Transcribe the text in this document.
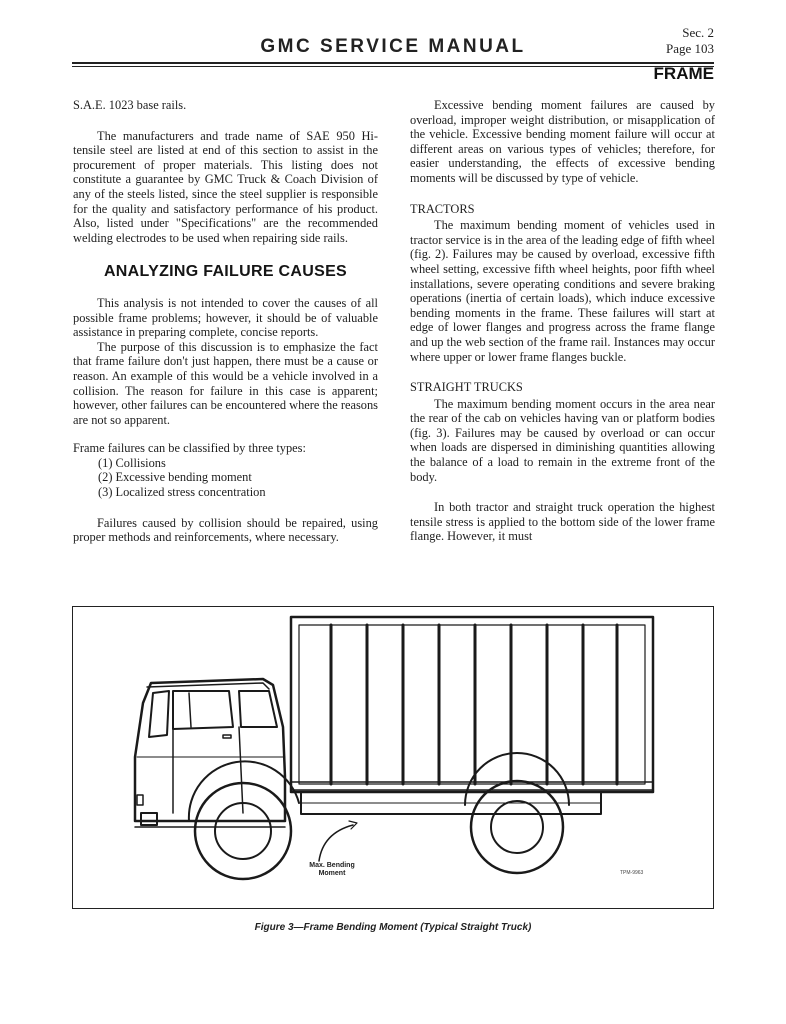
GMC SERVICE MANUAL
Sec. 2
Page 103
FRAME

S.A.E. 1023 base rails.

The manufacturers and trade name of SAE 950 Hi-tensile steel are listed at end of this section to assist in the procurement of proper materials. This listing does not constitute a guarantee by GMC Truck & Coach Division of any of the steels listed, since the steel supplier is responsible for the quality and satisfactory performance of his product. Also, listed under "Specifications" are the recommended welding electrodes to be used when repairing side rails.

ANALYZING FAILURE CAUSES

This analysis is not intended to cover the causes of all possible frame problems; however, it should be of valuable assistance in preparing complete, concise reports.

The purpose of this discussion is to emphasize the fact that frame failure don't just happen, there must be a cause or reason. An example of this would be a vehicle involved in a collision. The reason for failure in this case is apparent; however, other failures can be encountered where the reasons are not so apparent.

Frame failures can be classified by three types:

(1) Collisions
(2) Excessive bending moment
(3) Localized stress concentration

Failures caused by collision should be repaired, using proper methods and reinforcements, where necessary.

Excessive bending moment failures are caused by overload, improper weight distribution, or misapplication of the vehicle. Excessive bending moment failure will occur at different areas on various types of vehicles; therefore, for easier understanding, the effects of excessive bending moments will be discussed by type of vehicle.

TRACTORS

The maximum bending moment of vehicles used in tractor service is in the area of the leading edge of fifth wheel (fig. 2). Failures may be caused by overload, excessive fifth wheel setting, excessive fifth wheel heights, poor fifth wheel installations, severe operating conditions and severe braking operations (inertia of certain loads), which induce excessive bending moments in the frame. These failures will start at edge of lower flanges and progress across the frame flange and up the web section of the frame rail. Instances may occur where upper or lower frame flanges buckle.

STRAIGHT TRUCKS

The maximum bending moment occurs in the area near the rear of the cab on vehicles having van or platform bodies (fig. 3). Failures may be caused by overload or can occur when loads are dispersed in diminishing quantities allowing the balance of a load to remain in the extreme front of the body.

In both tractor and straight truck operation the highest tensile stress is applied to the bottom side of the lower frame flange. However, it must

Max. Bending Moment	TPM-9963
Figure 3—Frame Bending Moment (Typical Straight Truck)
